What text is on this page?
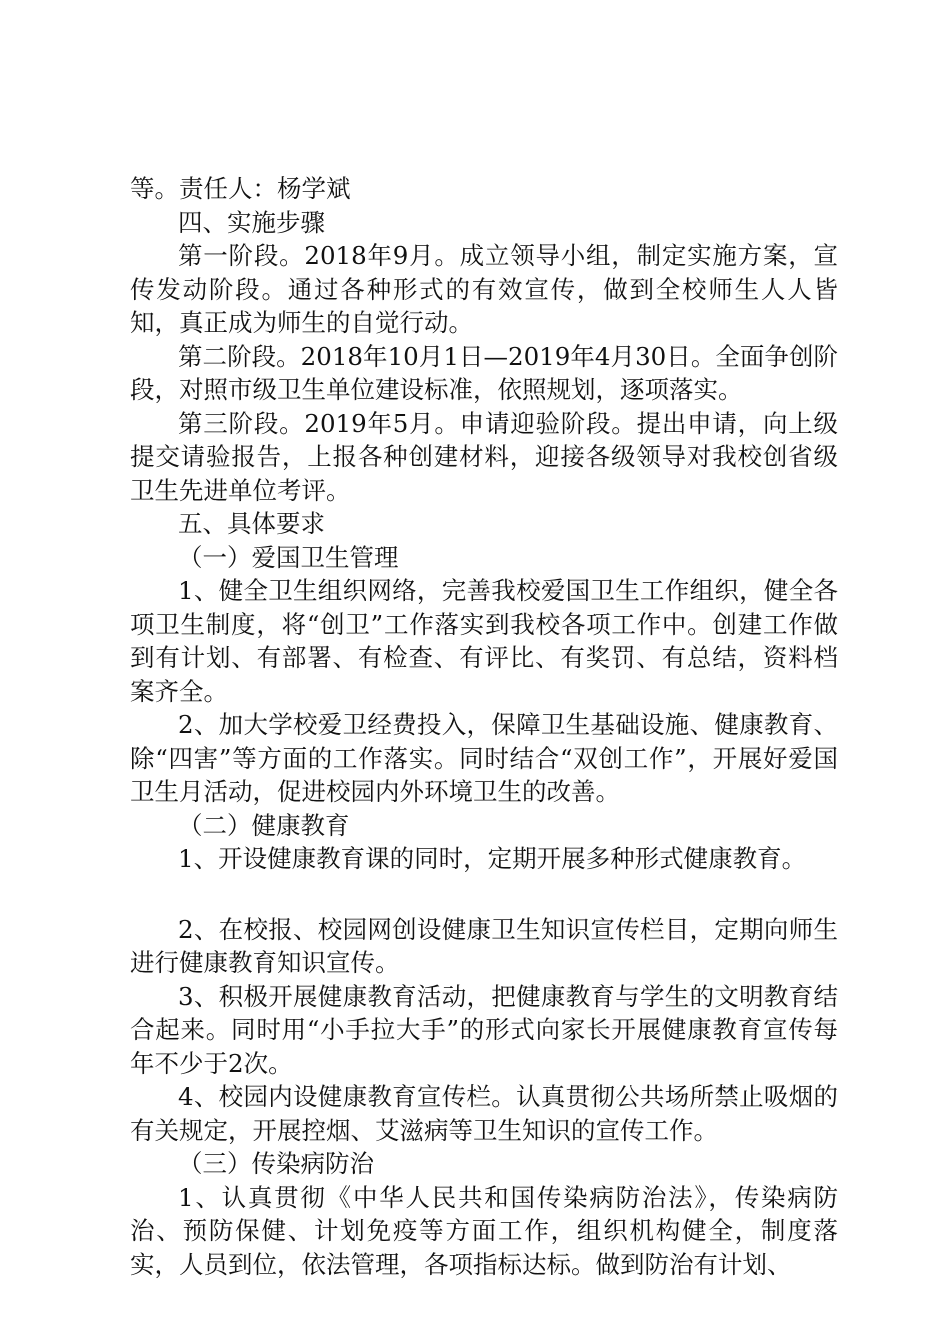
等。责任人：杨学斌

四、实施步骤

第一阶段。2018年9月。成立领导小组，制定实施方案，宣传发动阶段。通过各种形式的有效宣传，做到全校师生人人皆知，真正成为师生的自觉行动。

第二阶段。2018年10月1日—2019年4月30日。全面争创阶段，对照市级卫生单位建设标准，依照规划，逐项落实。

第三阶段。2019年5月。申请迎验阶段。提出申请，向上级提交请验报告，上报各种创建材料，迎接各级领导对我校创省级卫生先进单位考评。

五、具体要求

（一）爱国卫生管理

1、健全卫生组织网络，完善我校爱国卫生工作组织，健全各项卫生制度，将“创卫”工作落实到我校各项工作中。创建工作做到有计划、有部署、有检查、有评比、有奖罚、有总结，资料档案齐全。

2、加大学校爱卫经费投入，保障卫生基础设施、健康教育、除“四害”等方面的工作落实。同时结合“双创工作”，开展好爱国卫生月活动，促进校园内外环境卫生的改善。

（二）健康教育

1、开设健康教育课的同时，定期开展多种形式健康教育。

2、在校报、校园网创设健康卫生知识宣传栏目，定期向师生进行健康教育知识宣传。

3、积极开展健康教育活动，把健康教育与学生的文明教育结合起来。同时用“小手拉大手”的形式向家长开展健康教育宣传每年不少于2次。

4、校园内设健康教育宣传栏。认真贯彻公共场所禁止吸烟的有关规定，开展控烟、艾滋病等卫生知识的宣传工作。

（三）传染病防治

1、认真贯彻《中华人民共和国传染病防治法》，传染病防治、预防保健、计划免疫等方面工作，组织机构健全，制度落实，人员到位，依法管理，各项指标达标。做到防治有计划、
